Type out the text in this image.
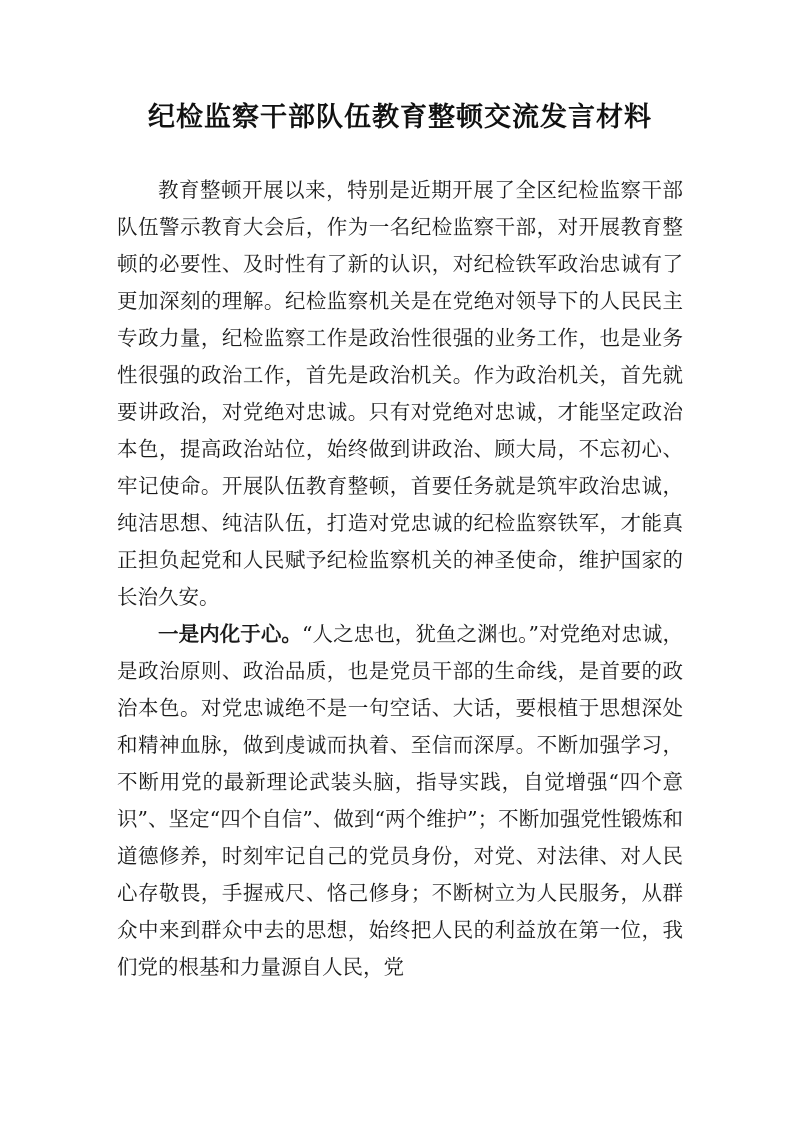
纪检监察干部队伍教育整顿交流发言材料
教育整顿开展以来，特别是近期开展了全区纪检监察干部队伍警示教育大会后，作为一名纪检监察干部，对开展教育整顿的必要性、及时性有了新的认识，对纪检铁军政治忠诚有了更加深刻的理解。纪检监察机关是在党绝对领导下的人民民主专政力量，纪检监察工作是政治性很强的业务工作，也是业务性很强的政治工作，首先是政治机关。作为政治机关，首先就要讲政治，对党绝对忠诚。只有对党绝对忠诚，才能坚定政治本色，提高政治站位，始终做到讲政治、顾大局，不忘初心、牢记使命。开展队伍教育整顿，首要任务就是筑牢政治忠诚，纯洁思想、纯洁队伍，打造对党忠诚的纪检监察铁军，才能真正担负起党和人民赋予纪检监察机关的神圣使命，维护国家的长治久安。
一是内化于心。“人之忠也，犹鱼之渊也。”对党绝对忠诚，是政治原则、政治品质，也是党员干部的生命线，是首要的政治本色。对党忠诚绝不是一句空话、大话，要根植于思想深处和精神血脉，做到虔诚而执着、至信而深厚。不断加强学习，不断用党的最新理论武装头脑，指导实践，自觉增强“四个意识”、坚定“四个自信”、做到“两个维护”；不断加强党性锻炼和道德修养，时刻牢记自己的党员身份，对党、对法律、对人民心存敬畏，手握戒尺、恪己修身；不断树立为人民服务，从群众中来到群众中去的思想，始终把人民的利益放在第一位，我们党的根基和力量源自人民，党
